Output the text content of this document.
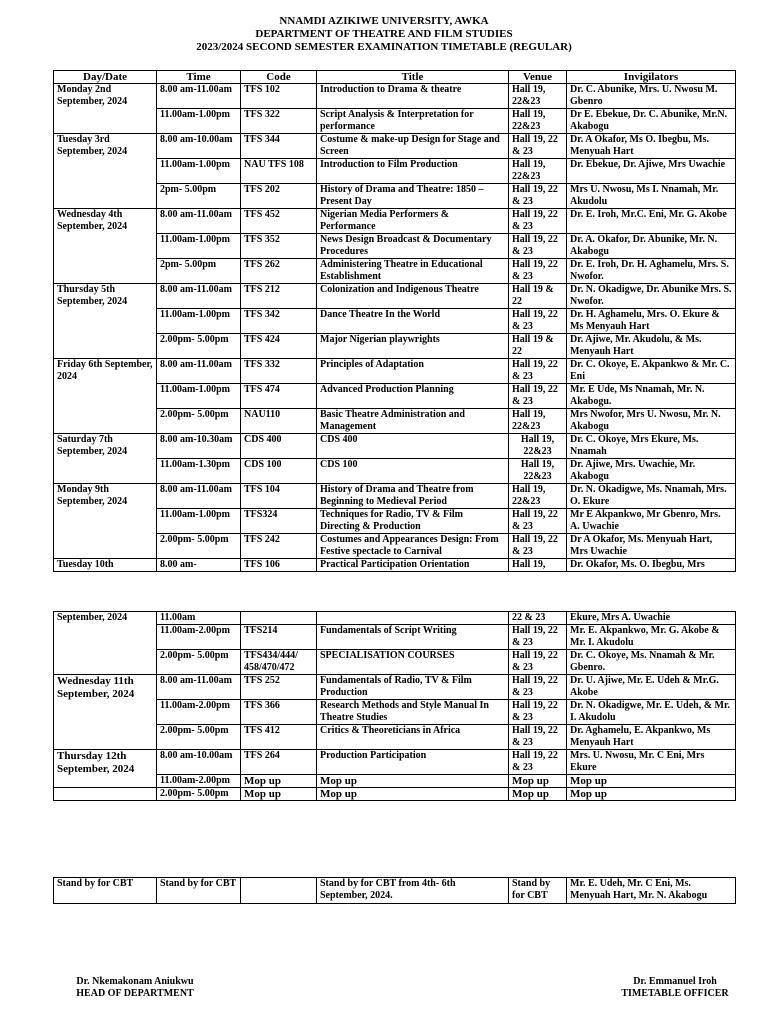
NNAMDI AZIKIWE UNIVERSITY, AWKA
DEPARTMENT OF THEATRE AND FILM STUDIES
2023/2024 SECOND SEMESTER EXAMINATION TIMETABLE (REGULAR)
Day/Date	Time	Code	Title	Venue	Invigilators
Monday 2nd September, 2024	8.00 am-11.00am	TFS 102	Introduction to Drama & theatre	Hall 19, 22&23	Dr. C. Abunike, Mrs. U. Nwosu M. Gbenro
	11.00am-1.00pm	TFS 322	Script Analysis & Interpretation for performance	Hall 19, 22&23	Dr E. Ebekue, Dr. C. Abunike, Mr.N. Akabogu
Tuesday 3rd September, 2024	8.00 am-10.00am	TFS 344	Costume & make-up Design for Stage and Screen	Hall 19, 22 & 23	Dr. A Okafor, Ms O. Ibegbu, Ms. Menyuah Hart
	11.00am-1.00pm	NAU TFS 108	Introduction to Film Production	Hall 19, 22&23	Dr. Ebekue, Dr. Ajiwe, Mrs Uwachie
	2pm- 5.00pm	TFS 202	History of Drama and Theatre: 1850 – Present Day	Hall 19, 22 & 23	Mrs U. Nwosu, Ms I. Nnamah, Mr. Akudolu
Wednesday 4th September, 2024	8.00 am-11.00am	TFS 452	Nigerian Media Performers & Performance	Hall 19, 22 & 23	Dr. E. Iroh, Mr.C. Eni, Mr. G. Akobe
	11.00am-1.00pm	TFS 352	News Design Broadcast & Documentary Procedures	Hall 19, 22 & 23	Dr. A. Okafor, Dr. Abunike, Mr. N. Akabogu
	2pm- 5.00pm	TFS 262	Administering Theatre in Educational Establishment	Hall 19, 22 & 23	Dr. E. Iroh, Dr. H. Aghamelu, Mrs. S. Nwofor.
Thursday 5th September, 2024	8.00 am-11.00am	TFS 212	Colonization and Indigenous Theatre	Hall 19 & 22	Dr. N. Okadigwe, Dr. Abunike Mrs. S. Nwofor.
	11.00am-1.00pm	TFS 342	Dance Theatre In the World	Hall 19, 22 & 23	Dr. H. Aghamelu, Mrs. O. Ekure & Ms Menyauh Hart
	2.00pm- 5.00pm	TFS 424	Major Nigerian playwrights	Hall 19 & 22	Dr. Ajiwe, Mr. Akudolu, & Ms. Menyauh Hart
Friday 6th September, 2024	8.00 am-11.00am	TFS 332	Principles of Adaptation	Hall 19, 22 & 23	Dr. C. Okoye, E. Akpankwo & Mr. C. Eni
	11.00am-1.00pm	TFS 474	Advanced Production Planning	Hall 19, 22 & 23	Mr. E Ude, Ms Nnamah, Mr. N. Akabogu.
	2.00pm- 5.00pm	NAU110	Basic Theatre Administration and Management	Hall 19, 22&23	Mrs Nwofor, Mrs U. Nwosu, Mr. N. Akabogu
Saturday 7th September, 2024	8.00 am-10.30am	CDS 400	CDS 400	Hall 19, 22&23	Dr. C. Okoye, Mrs Ekure, Ms. Nnamah
	11.00am-1.30pm	CDS 100	CDS 100	Hall 19, 22&23	Dr. Ajiwe, Mrs. Uwachie, Mr. Akabogu
Monday 9th September, 2024	8.00 am-11.00am	TFS 104	History of Drama and Theatre from Beginning to Medieval Period	Hall 19, 22&23	Dr. N. Okadigwe, Ms. Nnamah, Mrs. O. Ekure
	11.00am-1.00pm	TFS324	Techniques for Radio, TV & Film Directing & Production	Hall 19, 22 & 23	Mr E Akpankwo, Mr Gbenro, Mrs. A. Uwachie
	2.00pm- 5.00pm	TFS 242	Costumes and Appearances Design: From Festive spectacle to Carnival	Hall 19, 22 & 23	Dr A Okafor, Ms. Menyuah Hart, Mrs Uwachie
Tuesday 10th	8.00 am-	TFS 106	Practical Participation Orientation	Hall 19,	Dr. Okafor, Ms. O. Ibegbu, Mrs
September, 2024	11.00am			22 & 23	Ekure, Mrs A. Uwachie
	11.00am-2.00pm	TFS214	Fundamentals of Script Writing	Hall 19, 22 & 23	Mr. E. Akpankwo, Mr. G. Akobe & Mr. I. Akudolu
	2.00pm- 5.00pm	TFS434/444/ 458/470/472	SPECIALISATION COURSES	Hall 19, 22 & 23	Dr. C. Okoye, Ms. Nnamah & Mr. Gbenro.
Wednesday 11th September, 2024	8.00 am-11.00am	TFS 252	Fundamentals of Radio, TV & Film Production	Hall 19, 22 & 23	Dr. U. Ajiwe, Mr. E. Udeh & Mr.G. Akobe
	11.00am-2.00pm	TFS 366	Research Methods and Style Manual In Theatre Studies	Hall 19, 22 & 23	Dr. N. Okadigwe, Mr. E. Udeh, & Mr. I. Akudolu
	2.00pm- 5.00pm	TFS 412	Critics & Theoreticians in Africa	Hall 19, 22 & 23	Dr. Aghamelu, E. Akpankwo, Ms Menyauh Hart
Thursday 12th September, 2024	8.00 am-10.00am	TFS 264	Production Participation	Hall 19, 22 & 23	Mrs. U. Nwosu, Mr. C Eni, Mrs Ekure
	11.00am-2.00pm	Mop up	Mop up	Mop up	Mop up
	2.00pm- 5.00pm	Mop up	Mop up	Mop up	Mop up
Stand by for CBT	Stand by for CBT		Stand by for CBT from 4th- 6th September, 2024.	Stand by for CBT	Mr. E. Udeh, Mr. C Eni, Ms. Menyuah Hart, Mr. N. Akabogu
Dr. Nkemakonam Aniukwu
HEAD OF DEPARTMENT
Dr. Emmanuel Iroh
TIMETABLE OFFICER
